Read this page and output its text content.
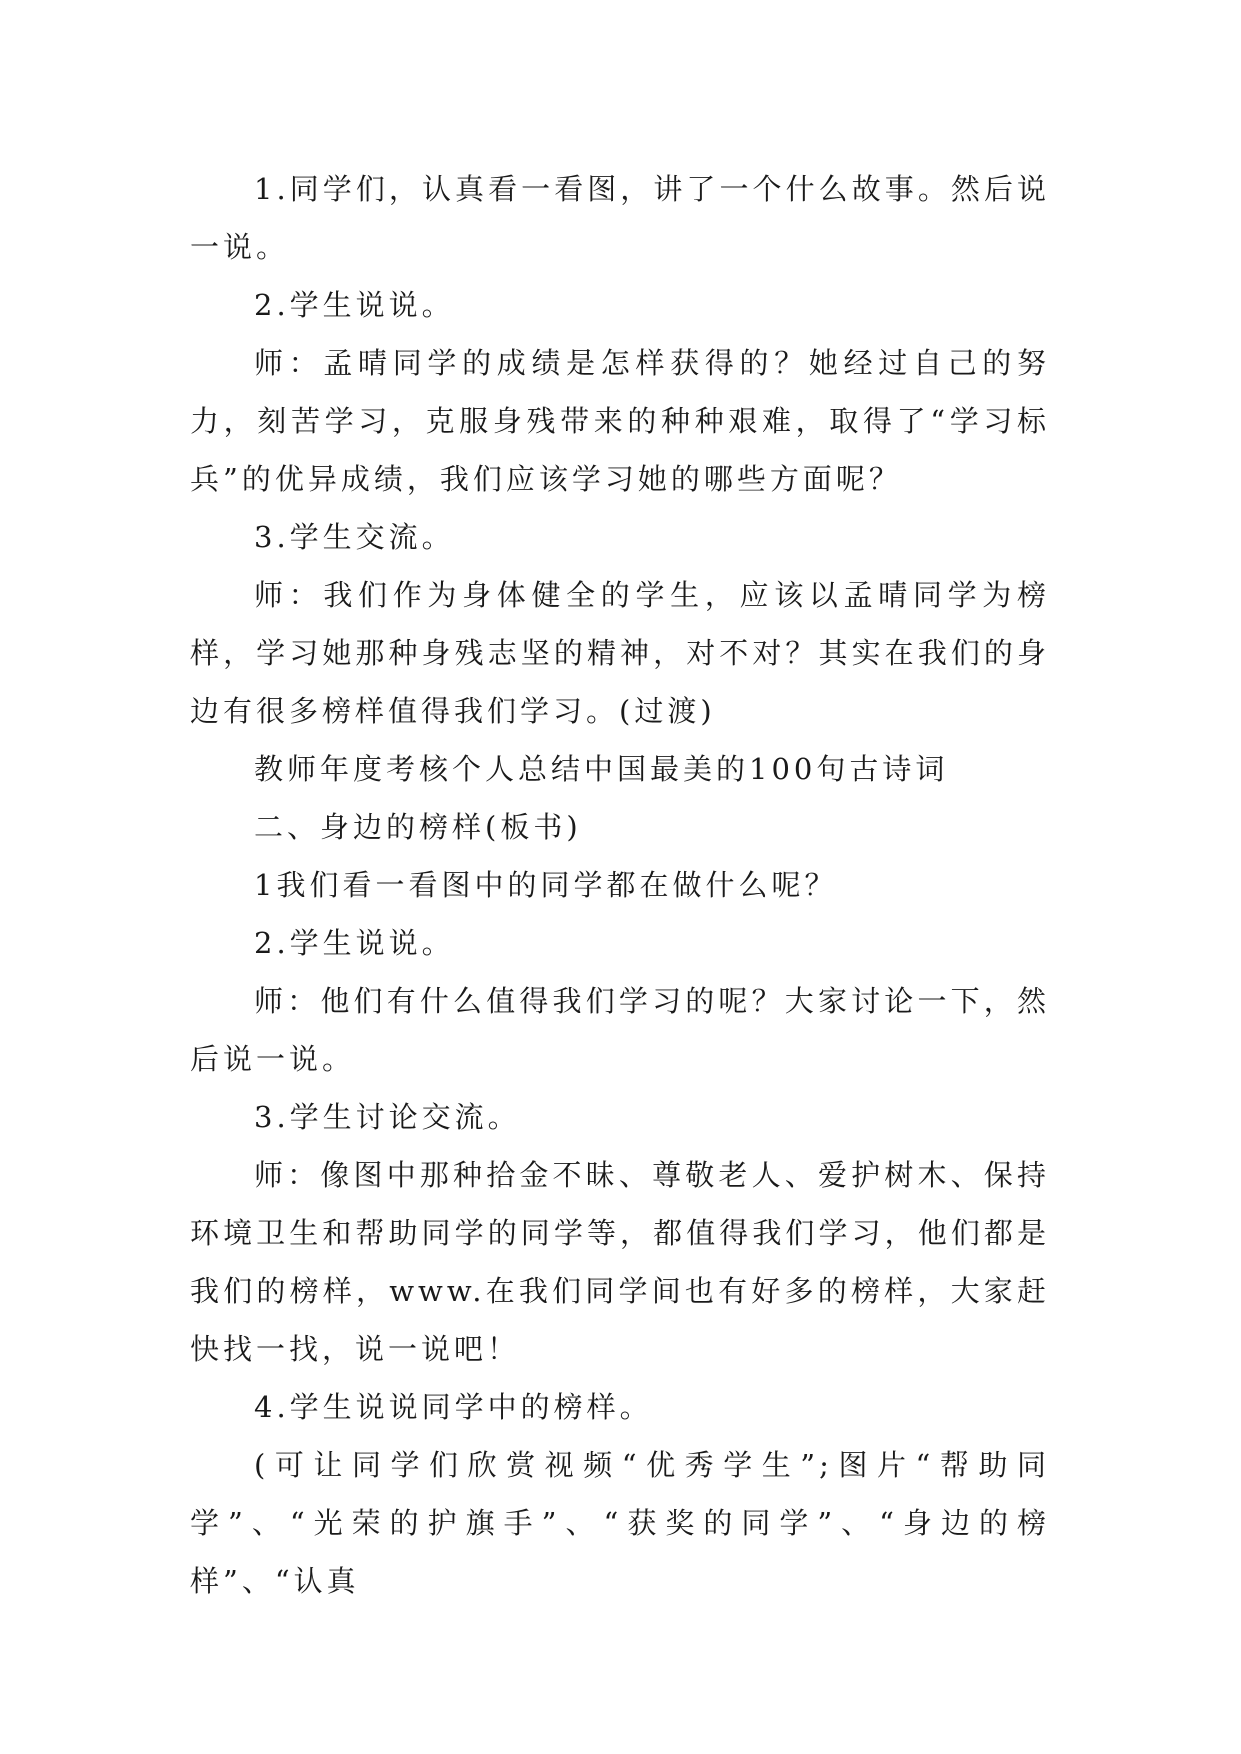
1.同学们，认真看一看图，讲了一个什么故事。然后说一说。

2.学生说说。

师：孟晴同学的成绩是怎样获得的？她经过自己的努力，刻苦学习，克服身残带来的种种艰难，取得了“学习标兵”的优异成绩，我们应该学习她的哪些方面呢？

3.学生交流。

师：我们作为身体健全的学生，应该以孟晴同学为榜样，学习她那种身残志坚的精神，对不对？其实在我们的身边有很多榜样值得我们学习。(过渡)

教师年度考核个人总结中国最美的100句古诗词

二、身边的榜样(板书)

1我们看一看图中的同学都在做什么呢？

2.学生说说。

师：他们有什么值得我们学习的呢？大家讨论一下，然后说一说。

3.学生讨论交流。

师：像图中那种拾金不昧、尊敬老人、爱护树木、保持环境卫生和帮助同学的同学等，都值得我们学习，他们都是我们的榜样，www.在我们同学间也有好多的榜样，大家赶快找一找，说一说吧！

4.学生说说同学中的榜样。

(可让同学们欣赏视频“优秀学生”;图片“帮助同学”、“光荣的护旗手”、“获奖的同学”、“身边的榜样”、“认真
